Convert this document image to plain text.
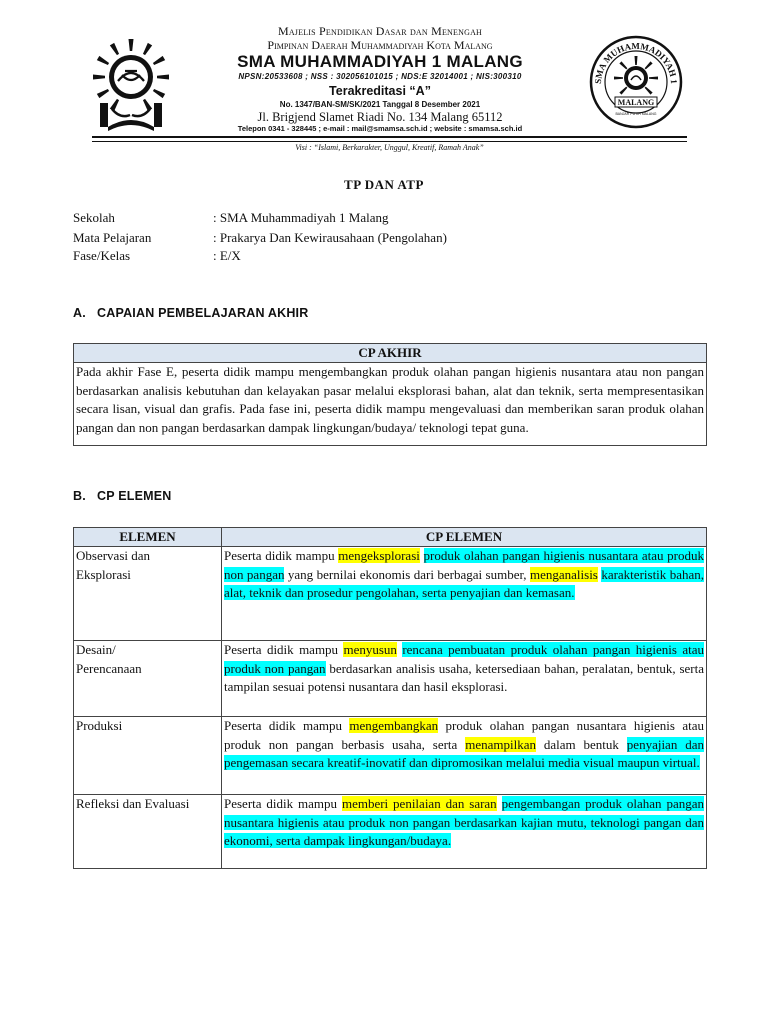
SMA MUHAMMADIYAH 1
MALANG
BANJAR PUTIH MALANG
Majelis Pendidikan Dasar dan Menengah
Pimpinan Daerah Muhammadiyah Kota Malang
SMA MUHAMMADIYAH 1 MALANG
NPSN:20533608 ; NSS : 302056101015 ; NDS:E 32014001 ; NIS:300310
Terakreditasi “A”
No. 1347/BAN-SM/SK/2021 Tanggal 8 Desember 2021
Jl. Brigjend Slamet Riadi No. 134 Malang 65112
Telepon 0341 - 328445 ; e-mail : mail@smamsa.sch.id ; website : smamsa.sch.id
Visi : “Islami, Berkarakter, Unggul, Kreatif, Ramah Anak”
TP DAN ATP
Sekolah	: SMA Muhammadiyah 1 Malang
Mata Pelajaran	: Prakarya Dan Kewirausahaan (Pengolahan)
Fase/Kelas	: E/X
A. CAPAIAN PEMBELAJARAN AKHIR
CP AKHIR
Pada akhir Fase E, peserta didik mampu mengembangkan produk olahan pangan higienis nusantara atau non pangan berdasarkan analisis kebutuhan dan kelayakan pasar melalui eksplorasi bahan, alat dan teknik, serta mempresentasikan secara lisan, visual dan grafis. Pada fase ini, peserta didik mampu mengevaluasi dan memberikan saran produk olahan pangan dan non pangan berdasarkan dampak lingkungan/budaya/ teknologi tepat guna.
B. CP ELEMEN
ELEMEN	CP ELEMEN

Observasi dan
Eksplorasi	Peserta didik mampu mengeksplorasi produk olahan pangan higienis nusantara atau produk non pangan yang bernilai ekonomis dari berbagai sumber, menganalisis karakteristik bahan, alat, teknik dan prosedur pengolahan, serta penyajian dan kemasan.

Desain/
Perencanaan	Peserta didik mampu menyusun rencana pembuatan produk olahan pangan higienis atau produk non pangan berdasarkan analisis usaha, ketersediaan bahan, peralatan, bentuk, serta tampilan sesuai potensi nusantara dan hasil eksplorasi.

Produksi	Peserta didik mampu mengembangkan produk olahan pangan nusantara higienis atau produk non pangan berbasis usaha, serta menampilkan dalam bentuk penyajian dan pengemasan secara kreatif-inovatif dan dipromosikan melalui media visual maupun virtual.

Refleksi dan Evaluasi	Peserta didik mampu memberi penilaian dan saran pengembangan produk olahan pangan nusantara higienis atau produk non pangan berdasarkan kajian mutu, teknologi pangan dan ekonomi, serta dampak lingkungan/budaya.
